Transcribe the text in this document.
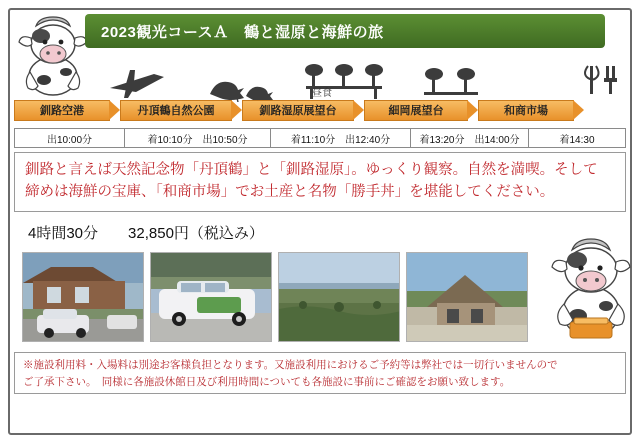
2023観光コースＡ　鶴と湿原と海鮮の旅
昼食
釧路空港	丹頂鶴自然公園	釧路湿原展望台	細岡展望台	和商市場
出10:00分	着10:10分　出10:50分	着11:10分　出12:40分	着13:20分　出14:00分	着14:30
釧路と言えば天然記念物「丹頂鶴」と「釧路湿原」。ゆっくり観察。自然を満喫。そして
締めは海鮮の宝庫、「和商市場」でお土産と名物「勝手丼」を堪能してください。
4時間30分 32,850円（税込み）
※施設利用料・入場料は別途お客様負担となります。又施設利用におけるご予約等は弊社では一切行いませんので
ご了承下さい。　同様に各施設休館日及び利用時間についても各施設に事前にご確認をお願い致します。
